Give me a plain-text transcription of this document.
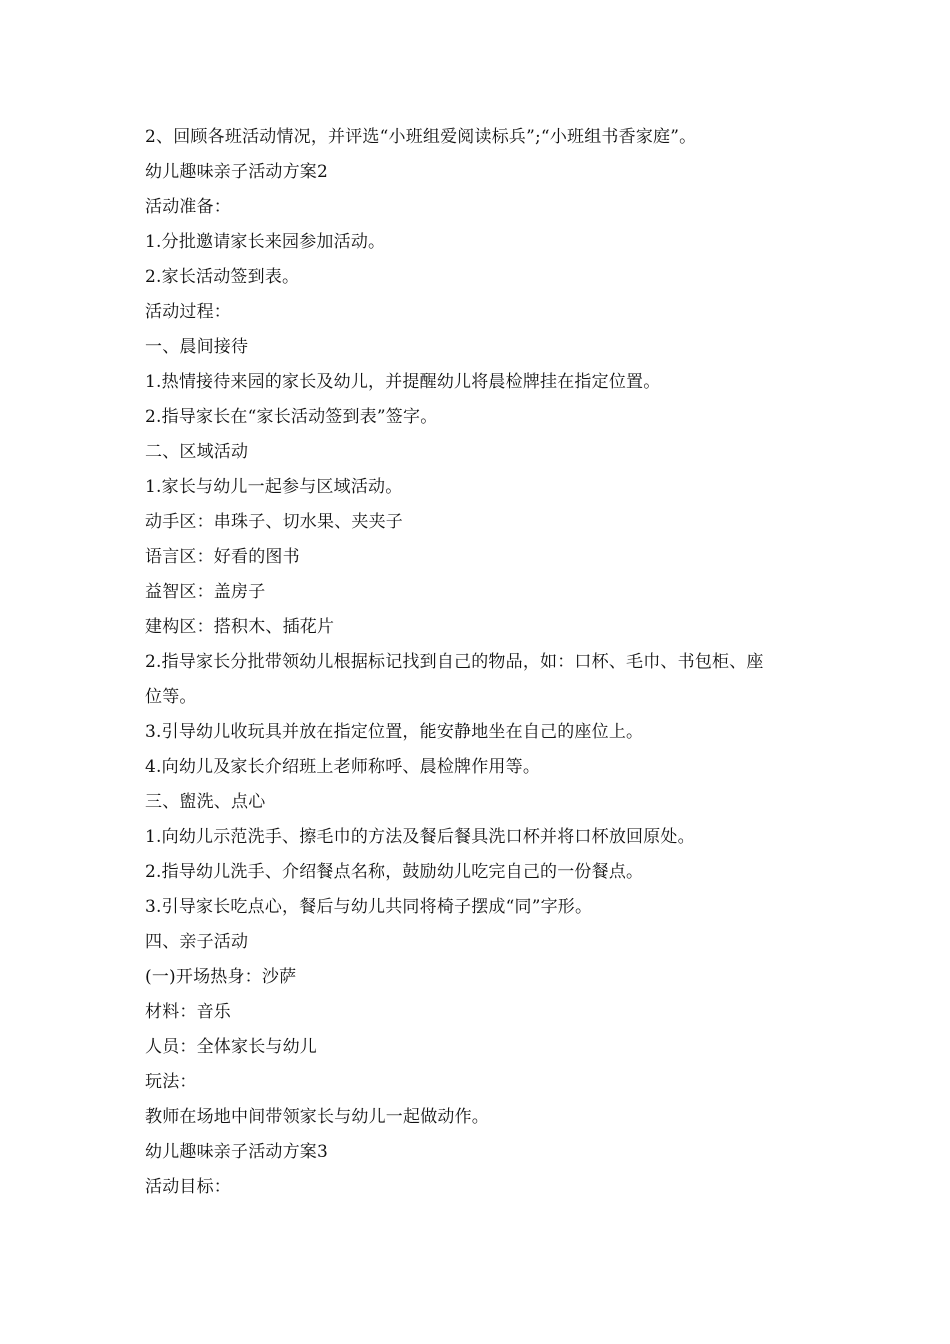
2、回顾各班活动情况，并评选“小班组爱阅读标兵”;“小班组书香家庭”。
幼儿趣味亲子活动方案2
活动准备：
1.分批邀请家长来园参加活动。
2.家长活动签到表。
活动过程：
一、晨间接待
1.热情接待来园的家长及幼儿，并提醒幼儿将晨检牌挂在指定位置。
2.指导家长在“家长活动签到表”签字。
二、区域活动
1.家长与幼儿一起参与区域活动。
动手区：串珠子、切水果、夹夹子
语言区：好看的图书
益智区：盖房子
建构区：搭积木、插花片
2.指导家长分批带领幼儿根据标记找到自己的物品，如：口杯、毛巾、书包柜、座
位等。
3.引导幼儿收玩具并放在指定位置，能安静地坐在自己的座位上。
4.向幼儿及家长介绍班上老师称呼、晨检牌作用等。
三、盥洗、点心
1.向幼儿示范洗手、擦毛巾的方法及餐后餐具洗口杯并将口杯放回原处。
2.指导幼儿洗手、介绍餐点名称，鼓励幼儿吃完自己的一份餐点。
3.引导家长吃点心，餐后与幼儿共同将椅子摆成“同”字形。
四、亲子活动
(一)开场热身：沙萨
材料：音乐
人员：全体家长与幼儿
玩法：
教师在场地中间带领家长与幼儿一起做动作。
幼儿趣味亲子活动方案3
活动目标：
